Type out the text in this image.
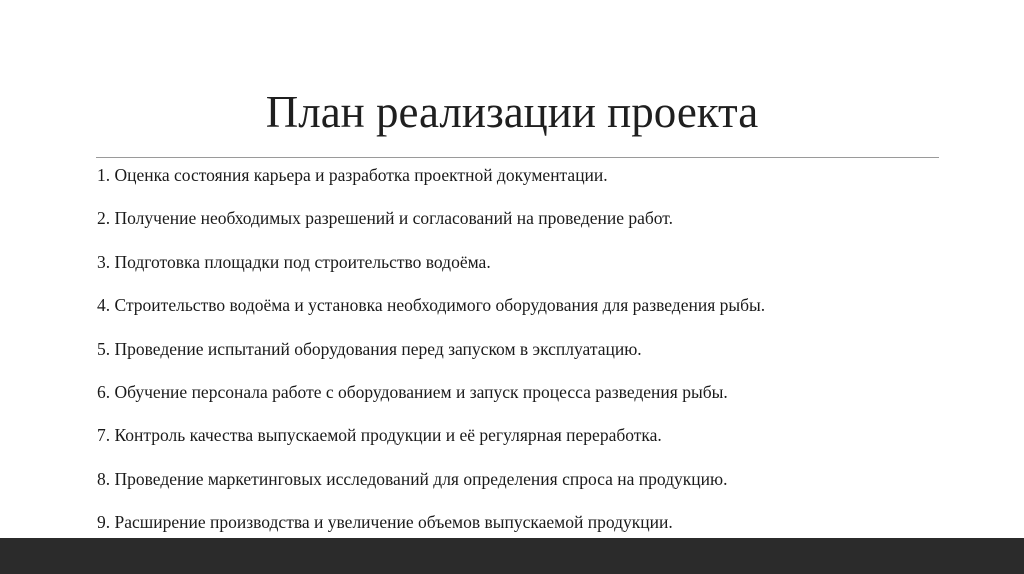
План реализации проекта
1. Оценка состояния карьера и разработка проектной документации.
2. Получение необходимых разрешений и согласований на проведение работ.
3. Подготовка площадки под строительство водоёма.
4. Строительство водоёма и установка необходимого оборудования для разведения рыбы.
5. Проведение испытаний оборудования перед запуском в эксплуатацию.
6. Обучение персонала работе с оборудованием и запуск процесса разведения рыбы.
7. Контроль качества выпускаемой продукции и её регулярная переработка.
8. Проведение маркетинговых исследований для определения спроса на продукцию.
9. Расширение производства и увеличение объемов выпускаемой продукции.
